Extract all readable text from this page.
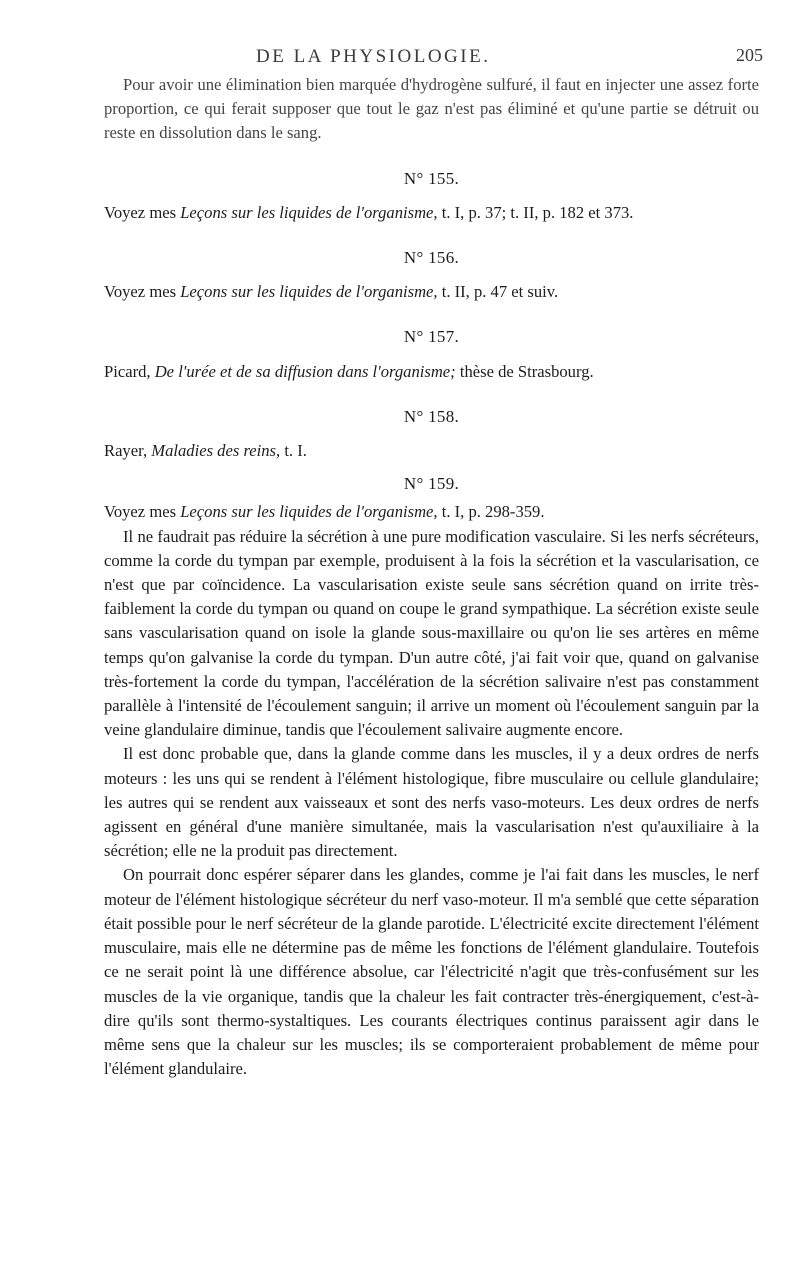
DE LA PHYSIOLOGIE.	205

Pour avoir une élimination bien marquée d'hydrogène sulfuré, il faut en injecter une assez forte proportion, ce qui ferait supposer que tout le gaz n'est pas éliminé et qu'une partie se détruit ou reste en dissolution dans le sang.

N° 155.

Voyez mes Leçons sur les liquides de l'organisme, t. I, p. 37; t. II, p. 182 et 373.

N° 156.

Voyez mes Leçons sur les liquides de l'organisme, t. II, p. 47 et suiv.

N° 157.

Picard, De l'urée et de sa diffusion dans l'organisme; thèse de Strasbourg.

N° 158.

Rayer, Maladies des reins, t. I.

N° 159.

Voyez mes Leçons sur les liquides de l'organisme, t. I, p. 298-359.

Il ne faudrait pas réduire la sécrétion à une pure modification vasculaire. Si les nerfs sécréteurs, comme la corde du tympan par exemple, produisent à la fois la sécrétion et la vascularisation, ce n'est que par coïncidence. La vascularisation existe seule sans sécrétion quand on irrite très-faiblement la corde du tympan ou quand on coupe le grand sympathique. La sécrétion existe seule sans vascularisation quand on isole la glande sous-maxillaire ou qu'on lie ses artères en même temps qu'on galvanise la corde du tympan. D'un autre côté, j'ai fait voir que, quand on galvanise très-fortement la corde du tympan, l'accélération de la sécrétion salivaire n'est pas constamment parallèle à l'intensité de l'écoulement sanguin; il arrive un moment où l'écoulement sanguin par la veine glandulaire diminue, tandis que l'écoulement salivaire augmente encore.

Il est donc probable que, dans la glande comme dans les muscles, il y a deux ordres de nerfs moteurs : les uns qui se rendent à l'élément histologique, fibre musculaire ou cellule glandulaire; les autres qui se rendent aux vaisseaux et sont des nerfs vaso-moteurs. Les deux ordres de nerfs agissent en général d'une manière simultanée, mais la vascularisation n'est qu'auxiliaire à la sécrétion; elle ne la produit pas directement.

On pourrait donc espérer séparer dans les glandes, comme je l'ai fait dans les muscles, le nerf moteur de l'élément histologique sécréteur du nerf vaso-moteur. Il m'a semblé que cette séparation était possible pour le nerf sécréteur de la glande parotide. L'électricité excite directement l'élément musculaire, mais elle ne détermine pas de même les fonctions de l'élément glandulaire. Toutefois ce ne serait point là une différence absolue, car l'électricité n'agit que très-confusément sur les muscles de la vie organique, tandis que la chaleur les fait contracter très-énergiquement, c'est-à-dire qu'ils sont thermo-systaltiques. Les courants électriques continus paraissent agir dans le même sens que la chaleur sur les muscles; ils se comporteraient probablement de même pour l'élément glandulaire.
